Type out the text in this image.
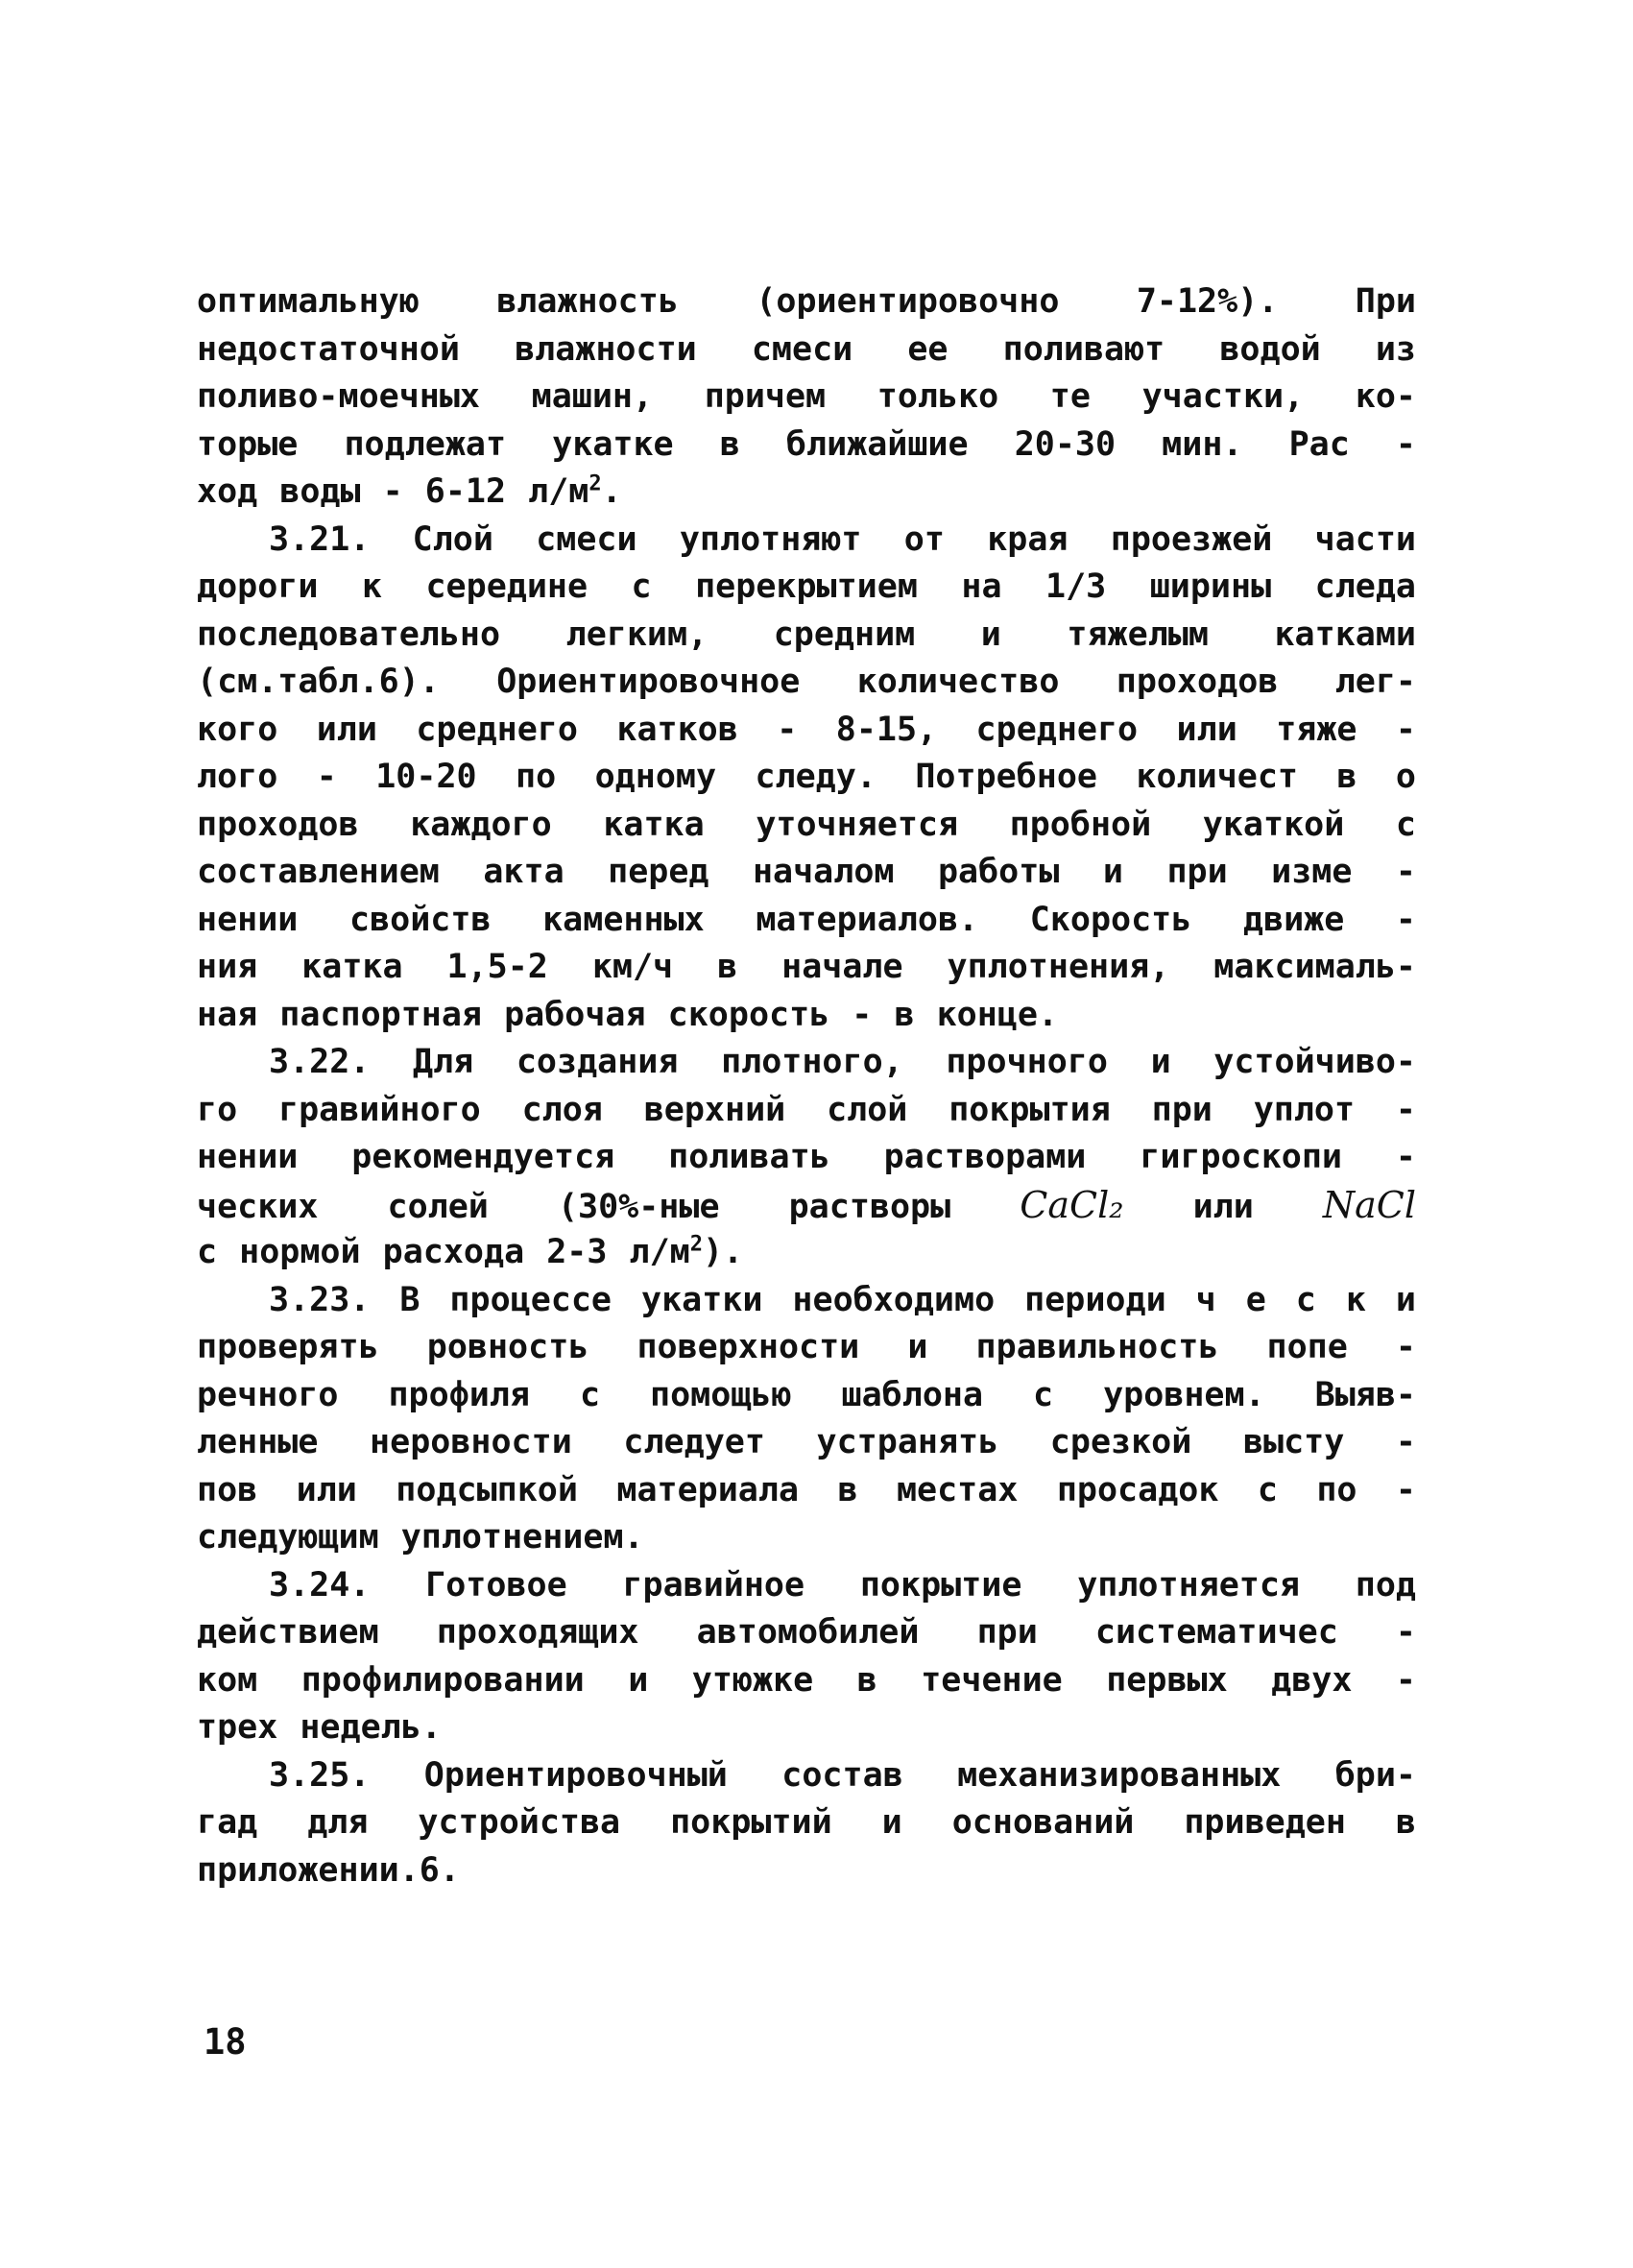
оптимальную влажность (ориентировочно 7-12%). При
недостаточной влажности смеси ее поливают водой из
поливо-моечных машин, причем только те участки, ко-
торые подлежат укатке в ближайшие 20-30 мин. Рас -
ход воды - 6-12 $л/м^2$.
3.21. Слой смеси уплотняют от края проезжей части
дороги к середине с перекрытием на 1/3 ширины следа
последовательно легким, средним и тяжелым катками
(см.табл.6). Ориентировочное количество проходов лег-
кого или среднего катков - 8-15, среднего или тяже -
лого - 10-20 по одному следу. Потребное количест в о
проходов каждого катка уточняется пробной укаткой с
составлением акта перед началом работы и при изме -
нении свойств каменных материалов. Скорость движе -
ния катка 1,5-2 км/ч в начале уплотнения, максималь-
ная паспортная рабочая скорость - в конце.
3.22. Для создания плотного, прочного и устойчиво-
го гравийного слоя верхний слой покрытия при уплот -
нении рекомендуется поливать растворами гигроскопи -
ческих солей (30%-ные растворы CaCl₂ или NaCl
с нормой расхода 2-3 $л/м^2$).
3.23. В процессе укатки необходимо периоди ч е с к и
проверять ровность поверхности и правильность попе -
речного профиля с помощью шаблона с уровнем. Выяв-
ленные неровности следует устранять срезкой высту -
пов или подсыпкой материала в местах просадок с по -
следующим уплотнением.
3.24. Готовое гравийное покрытие уплотняется под
действием проходящих автомобилей при систематичес -
ком профилировании и утюжке в течение первых двух -
трех недель.
3.25. Ориентировочный состав механизированных бри-
гад для устройства покрытий и оснований приведен в
приложении.6.
18
